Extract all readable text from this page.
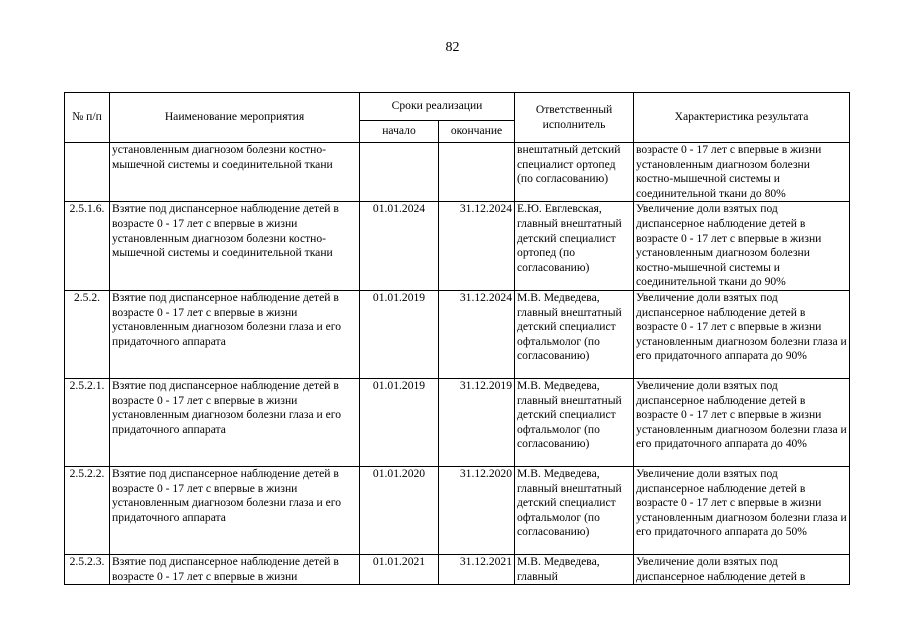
82
№ п/п	Наименование мероприятия	Сроки реализации		Ответственный исполнитель	Характеристика результата
		начало	окончание		
	установленным диагнозом болезни костно-мышечной системы и соединительной ткани			внештатный детский специалист ортопед (по согласованию)	возрасте 0 - 17 лет с впервые в жизни установленным диагнозом болезни костно-мышечной системы и соединительной ткани до 80%
2.5.1.6.	Взятие под диспансерное наблюдение детей в возрасте 0 - 17 лет с впервые в жизни установленным диагнозом болезни костно-мышечной системы и соединительной ткани	01.01.2024	31.12.2024	Е.Ю. Евглевская, главный внештатный детский специалист ортопед (по согласованию)	Увеличение доли взятых под диспансерное наблюдение детей в возрасте 0 - 17 лет с впервые в жизни установленным диагнозом болезни костно-мышечной системы и соединительной ткани до 90%
2.5.2.	Взятие под диспансерное наблюдение детей в возрасте 0 - 17 лет с впервые в жизни установленным диагнозом болезни глаза и его придаточного аппарата	01.01.2019	31.12.2024	М.В. Медведева, главный внештатный детский специалист офтальмолог (по согласованию)	Увеличение доли взятых под диспансерное наблюдение детей в возрасте 0 - 17 лет с впервые в жизни установленным диагнозом болезни глаза и его придаточного аппарата до 90%
2.5.2.1.	Взятие под диспансерное наблюдение детей в возрасте 0 - 17 лет с впервые в жизни установленным диагнозом болезни глаза и его придаточного аппарата	01.01.2019	31.12.2019	М.В. Медведева, главный внештатный детский специалист офтальмолог (по согласованию)	Увеличение доли взятых под диспансерное наблюдение детей в возрасте 0 - 17 лет с впервые в жизни установленным диагнозом болезни глаза и его придаточного аппарата до 40%
2.5.2.2.	Взятие под диспансерное наблюдение детей в возрасте 0 - 17 лет с впервые в жизни установленным диагнозом болезни глаза и его придаточного аппарата	01.01.2020	31.12.2020	М.В. Медведева, главный внештатный детский специалист офтальмолог (по согласованию)	Увеличение доли взятых под диспансерное наблюдение детей в возрасте 0 - 17 лет с впервые в жизни установленным диагнозом болезни глаза и его придаточного аппарата до 50%
2.5.2.3.	Взятие под диспансерное наблюдение детей в возрасте 0 - 17 лет с впервые в жизни	01.01.2021	31.12.2021	М.В. Медведева, главный	Увеличение доли взятых под диспансерное наблюдение детей в
